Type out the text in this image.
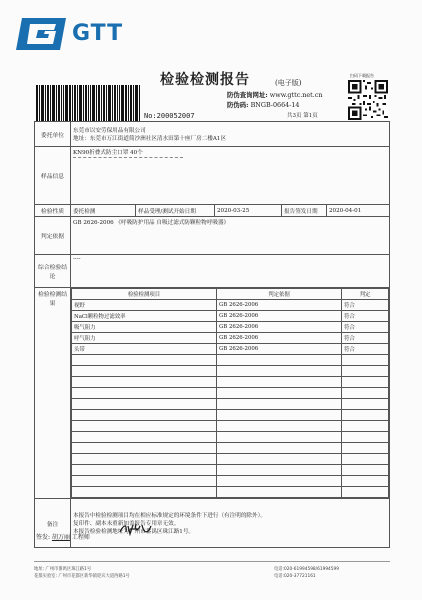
GTT
检验检测报告	(电子版)
扫码下载报告
No:200052007
防伪查询网址: www.gttc.net.cn
防伪码: BNGB-0664-14
共3页 第1页
委托单位	
东莞市以安劳保用品有限公司
地址：东莞市万江街道简沙洲社区清水田第十座厂房二楼A1区

样品信息	
KN90折叠式防尘口罩 40个

检验性质	委托检测	样品受理/测试开始日期	2020-03-25	报告签发日期	2020-04-01
判定依据	GB 2626-2006 《呼吸防护用品 自吸过滤式防颗粒物呼吸器》
综合检验结论	----
检验检测结果	
检验检测项目	判定依据	判定
视野	GB 2626-2006	符合
NaCl颗粒物过滤效率	GB 2626-2006	符合
吸气阻力	GB 2626-2006	符合
呼气阻力	GB 2626-2006	符合
头带	GB 2626-2006	符合

备注	
本报告中检验检测项目均在相应标准规定的环境条件下进行（有注明的除外）。
复印件、副本未重新加盖报告专用章无效。
本报告检验检测地址为广州市番禺区珠江路1号。
签发: 胡万丽 工程师
地址: 广州市番禺区珠江路1号
花都实验室: 广州市花都区新华镇迎宾大道西路1号
电话:020-61994598/61994599
电话:020-37721161
